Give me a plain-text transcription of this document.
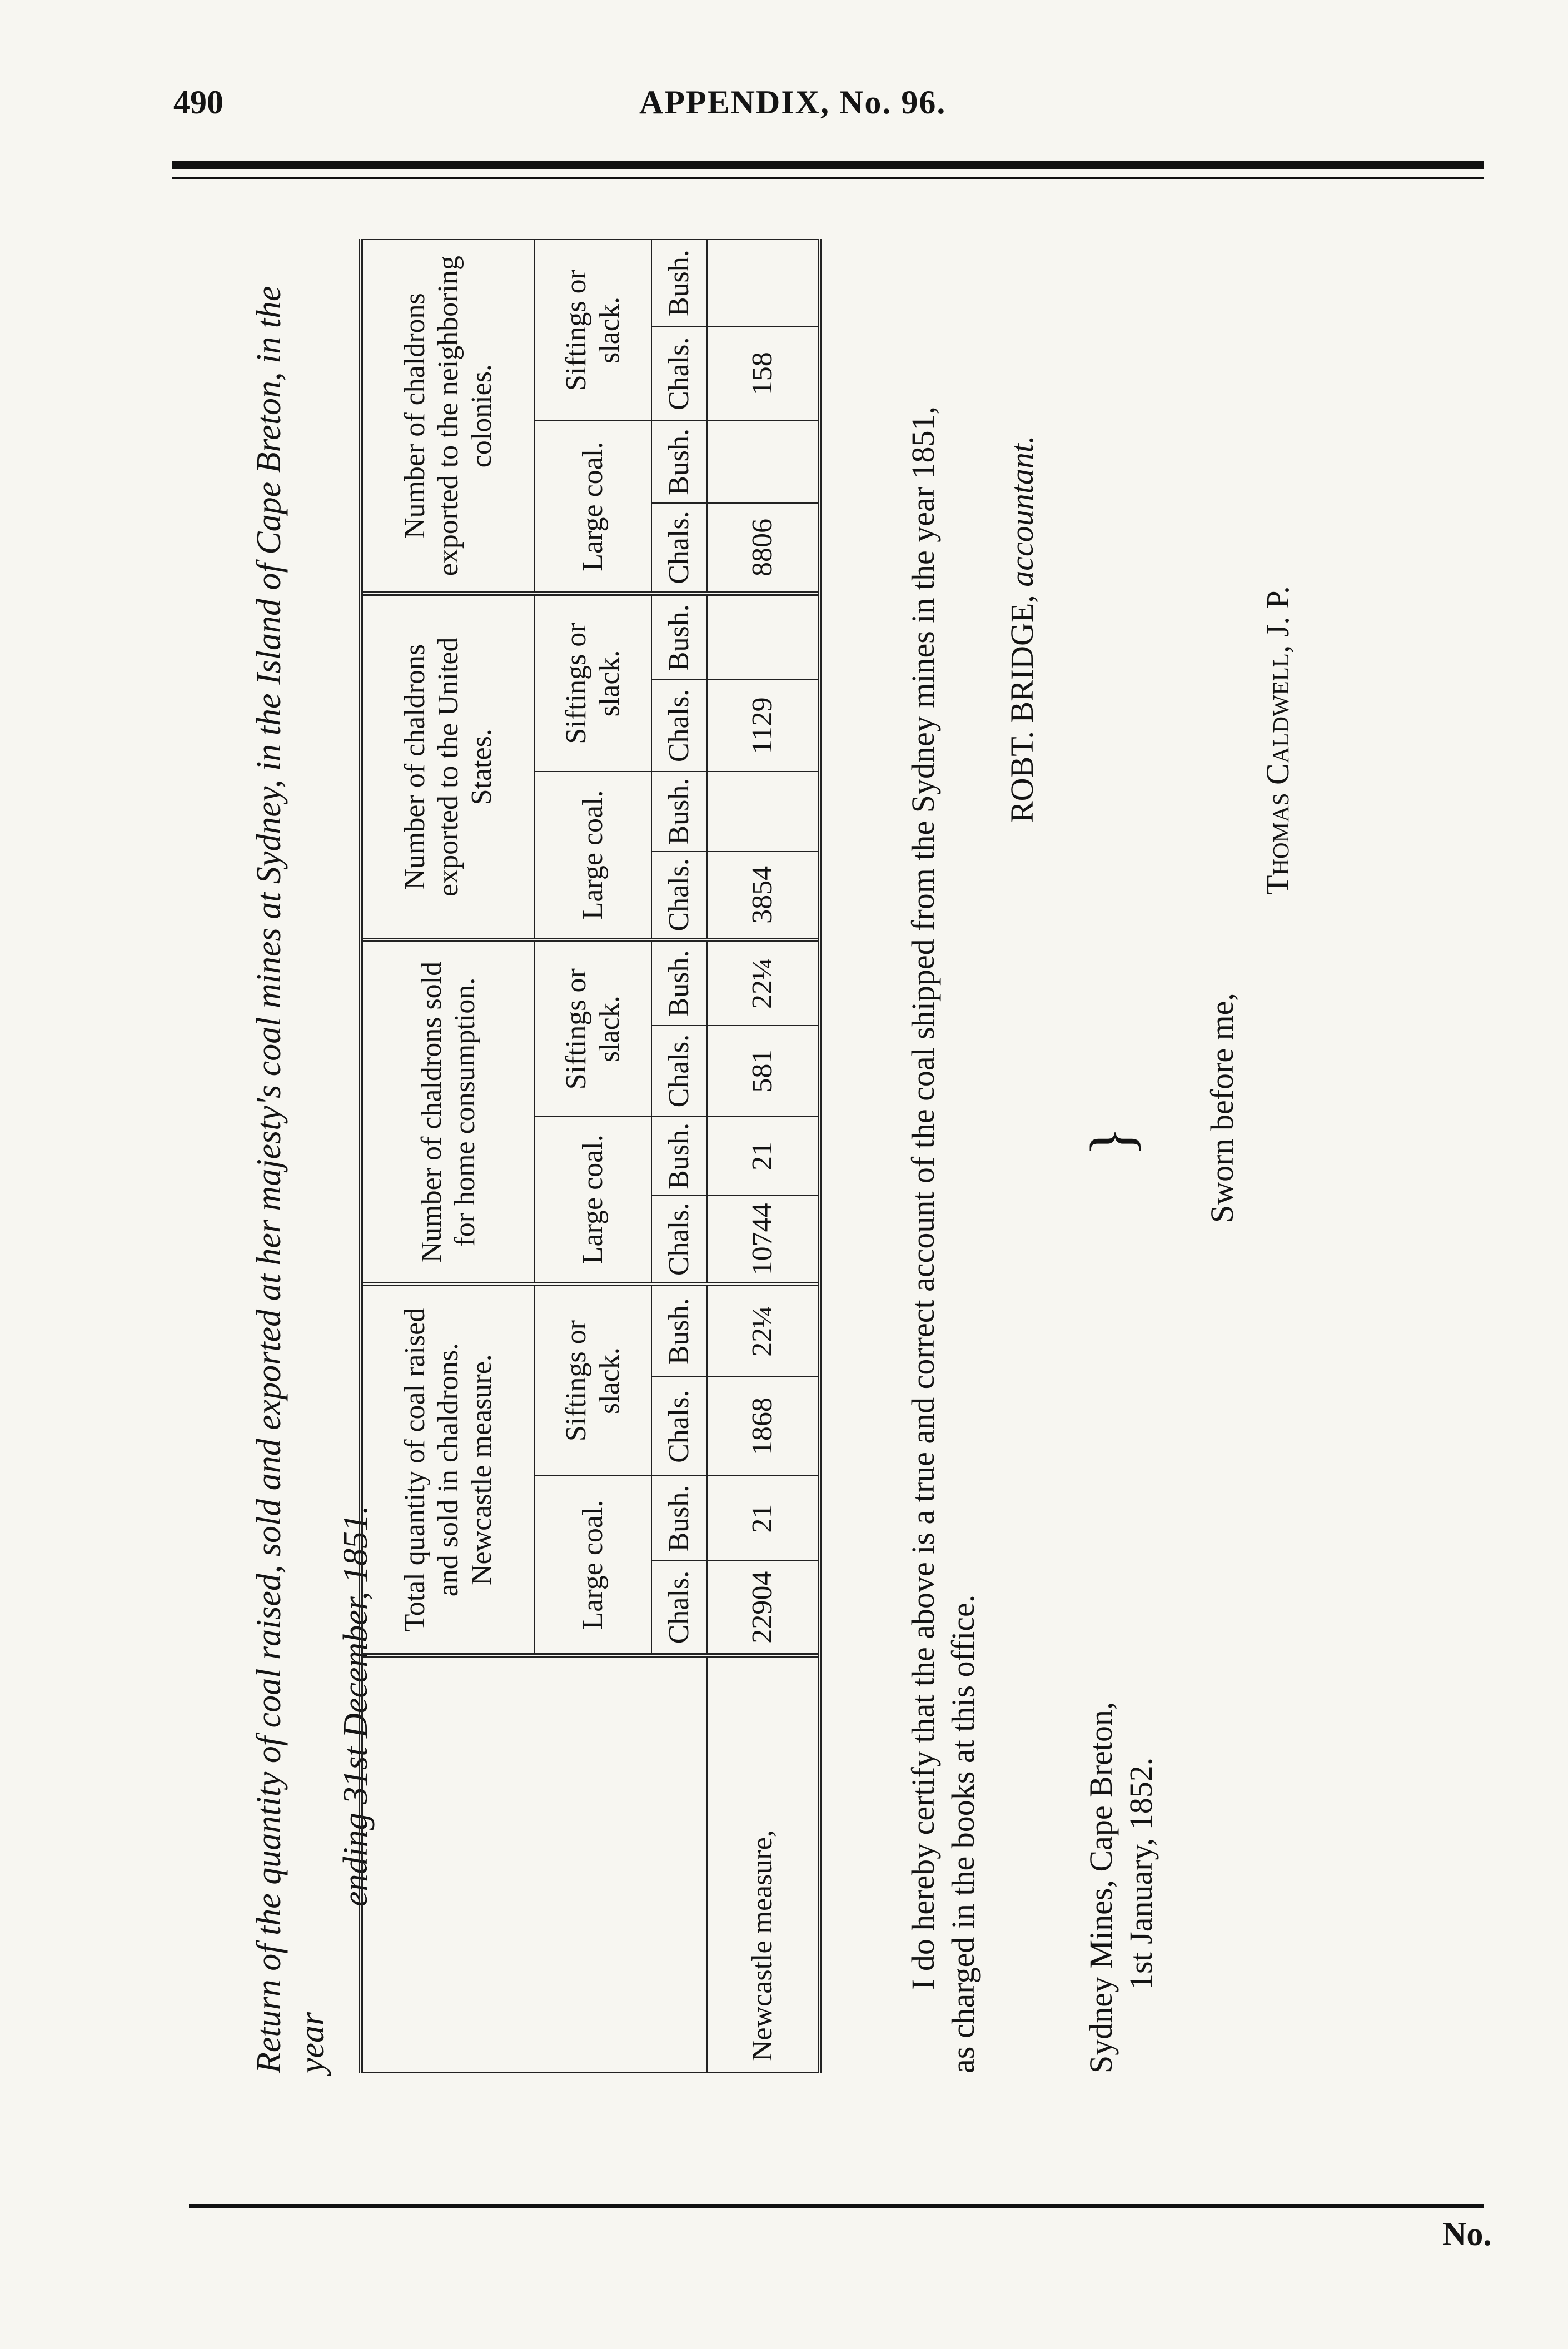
490	APPENDIX, No. 96.
Return of the quantity of coal raised, sold and exported at her majesty's coal mines at Sydney, in the Island of Cape Breton, in the year
ending 31st December, 1851.
	Total quantity of coal raised and sold in chaldrons. Newcastle measure.				Number of chaldrons sold for home consumption.				Number of chaldrons exported to the United States.				Number of chaldrons exported to the neighboring colonies.			
	Large coal.		Siftings or slack.		Large coal.		Siftings or slack.		Large coal.		Siftings or slack.		Large coal.		Siftings or slack.	
	Chals.	Bush.	Chals.	Bush.	Chals.	Bush.	Chals.	Bush.	Chals.	Bush.	Chals.	Bush.	Chals.	Bush.	Chals.	Bush.
Newcastle measure,	22904	21	1868	22¼	10744	21	581	22¼	3854		1129		8806		158	
I do hereby certify that the above is a true and correct account of the coal shipped from the Sydney mines in the year 1851, as charged in the books at this office.
ROBT. BRIDGE, accountant.
Sydney Mines, Cape Breton, 1st January, 1852.
} Sworn before me,
Thomas Caldwell, J. P.
No.
